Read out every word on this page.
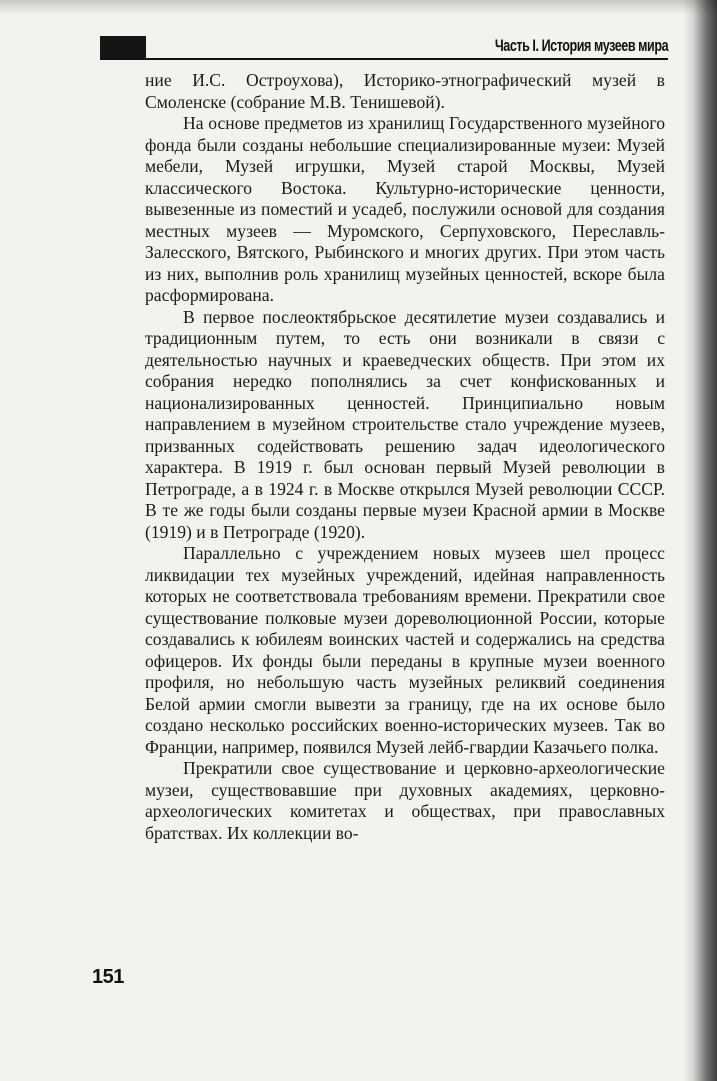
Часть I. История музеев мира

ние И.С. Остроухова), Историко-этнографический музей в Смоленске (собрание М.В. Тенишевой).

На основе предметов из хранилищ Государственного музейного фонда были созданы небольшие специализированные музеи: Музей мебели, Музей игрушки, Музей старой Москвы, Музей классического Востока. Культурно-исторические ценности, вывезенные из поместий и усадеб, послужили основой для создания местных музеев — Муромского, Серпуховского, Переславль-Залесского, Вятского, Рыбинского и многих других. При этом часть из них, выполнив роль хранилищ музейных ценностей, вскоре была расформирована.

В первое послеоктябрьское десятилетие музеи создавались и традиционным путем, то есть они возникали в связи с деятельностью научных и краеведческих обществ. При этом их собрания нередко пополнялись за счет конфискованных и национализированных ценностей. Принципиально новым направлением в музейном строительстве стало учреждение музеев, призванных содействовать решению задач идеологического характера. В 1919 г. был основан первый Музей революции в Петрограде, а в 1924 г. в Москве открылся Музей революции СССР. В те же годы были созданы первые музеи Красной армии в Москве (1919) и в Петрограде (1920).

Параллельно с учреждением новых музеев шел процесс ликвидации тех музейных учреждений, идейная направленность которых не соответствовала требованиям времени. Прекратили свое существование полковые музеи дореволюционной России, которые создавались к юбилеям воинских частей и содержались на средства офицеров. Их фонды были переданы в крупные музеи военного профиля, но небольшую часть музейных реликвий соединения Белой армии смогли вывезти за границу, где на их основе было создано несколько российских военно-исторических музеев. Так во Франции, например, появился Музей лейб-гвардии Казачьего полка.

Прекратили свое существование и церковно-археологические музеи, существовавшие при духовных академиях, церковно-археологических комитетах и обществах, при православных братствах. Их коллекции во-

151
